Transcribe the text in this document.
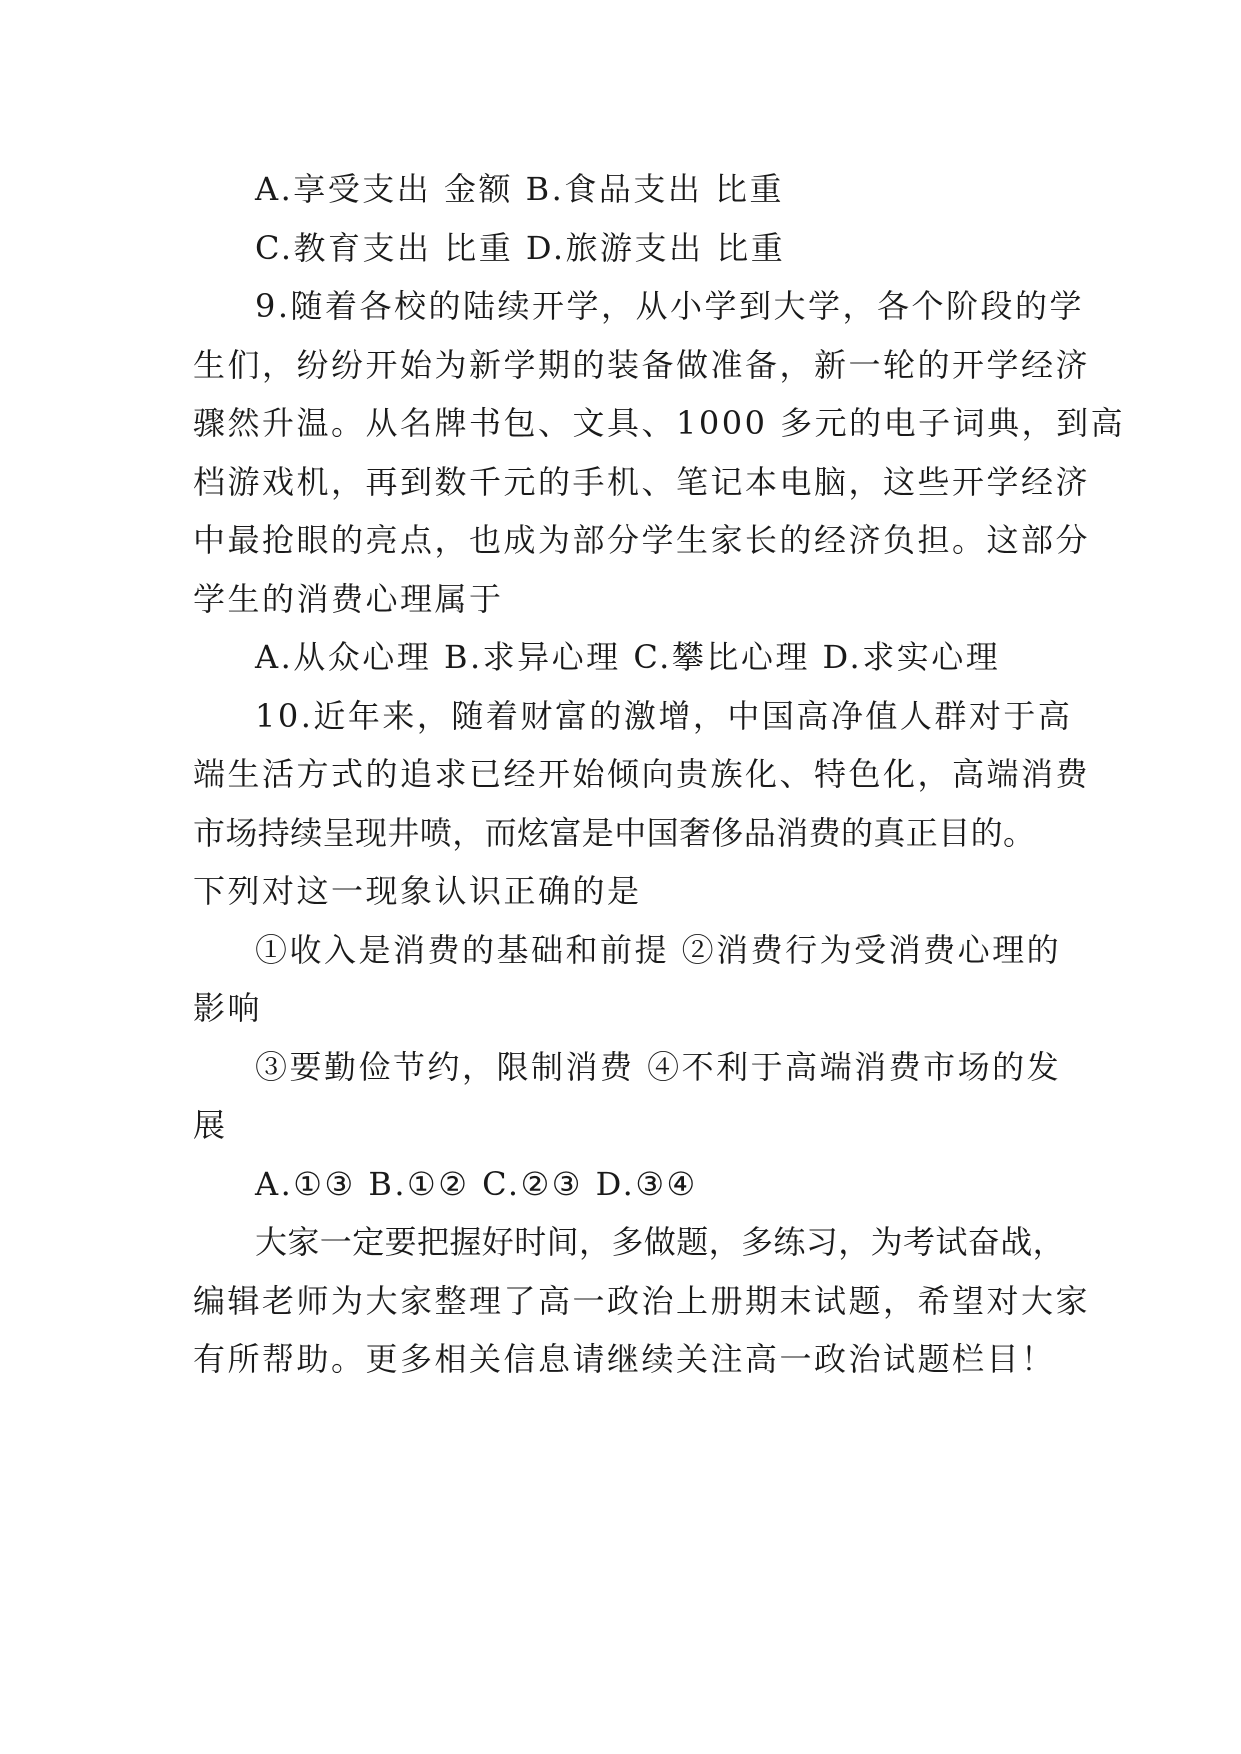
A.享受支出 金额 B.食品支出 比重
C.教育支出 比重 D.旅游支出 比重
9.随着各校的陆续开学，从小学到大学，各个阶段的学
生们，纷纷开始为新学期的装备做准备，新一轮的开学经济
骤然升温。从名牌书包、文具、1000 多元的电子词典，到高
档游戏机，再到数千元的手机、笔记本电脑，这些开学经济
中最抢眼的亮点，也成为部分学生家长的经济负担。这部分
学生的消费心理属于
A.从众心理 B.求异心理 C.攀比心理 D.求实心理
10.近年来，随着财富的激增，中国高净值人群对于高
端生活方式的追求已经开始倾向贵族化、特色化，高端消费
市场持续呈现井喷，而炫富是中国奢侈品消费的真正目的。
下列对这一现象认识正确的是
①收入是消费的基础和前提 ②消费行为受消费心理的
影响
③要勤俭节约，限制消费 ④不利于高端消费市场的发
展
A.①③ B.①② C.②③ D.③④
大家一定要把握好时间，多做题，多练习，为考试奋战，
编辑老师为大家整理了高一政治上册期末试题，希望对大家
有所帮助。更多相关信息请继续关注高一政治试题栏目！
